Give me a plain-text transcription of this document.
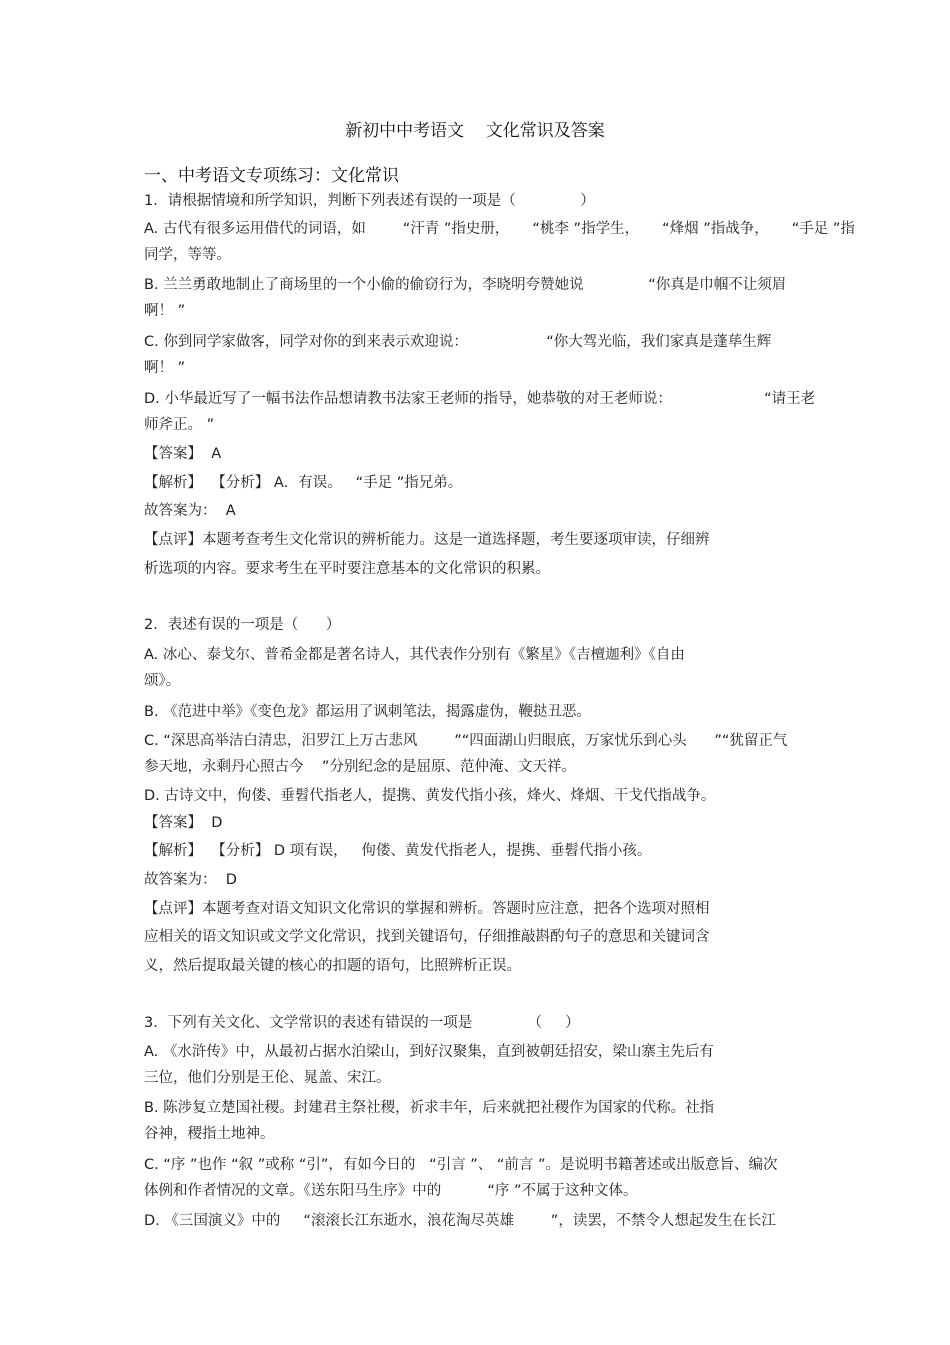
新初中中考语文    文化常识及答案
一、中考语文专项练习：文化常识
1．请根据情境和所学知识，判断下列表述有误的一项是（              ）
A. 古代有很多运用借代的词语，如        “汗青 ”指史册，     “桃李 ”指学生，     “烽烟 ”指战争，     “手足 ”指
同学，等等。
B. 兰兰勇敢地制止了商场里的一个小偷的偷窃行为，李晓明夸赞她说              “你真是巾帼不让须眉
啊！ ”
C. 你到同学家做客，同学对你的到来表示欢迎说：                 “你大驾光临，我们家真是蓬荜生辉
啊！ ”
D. 小华最近写了一幅书法作品想请教书法家王老师的指导，她恭敬的对王老师说：                    “请王老
师斧正。 ”
【答案】  A
【解析】  【分析】 A．有误。   “手足 ”指兄弟。
故答案为：  A
【点评】本题考查考生文化常识的辨析能力。这是一道选择题，考生要逐项审读，仔细辨
析选项的内容。要求考生在平时要注意基本的文化常识的积累。
2．表述有误的一项是（      ）
A. 冰心、泰戈尔、普希金都是著名诗人，其代表作分别有《繁星》《吉檀迦利》《自由
颂》。
B. 《范进中举》《变色龙》都运用了讽刺笔法，揭露虚伪，鞭挞丑恶。
C. “深思高举洁白清忠，汨罗江上万古悲风        ”“四面湖山归眼底，万家忧乐到心头      ”“犹留正气
参天地，永剩丹心照古今    ”分别纪念的是屈原、范仲淹、文天祥。
D. 古诗文中，佝偻、垂髫代指老人，提携、黄发代指小孩，烽火、烽烟、干戈代指战争。
【答案】  D
【解析】  【分析】 D 项有误，   佝偻、黄发代指老人，提携、垂髫代指小孩。
故答案为：  D
【点评】本题考查对语文知识文化常识的掌握和辨析。答题时应注意，把各个选项对照相
应相关的语文知识或文学文化常识，找到关键语句，仔细推敲斟酌句子的意思和关键词含
义，然后提取最关键的核心的扣题的语句，比照辨析正误。
3．下列有关文化、文学常识的表述有错误的一项是            （     ）
A. 《水浒传》中，从最初占据水泊梁山，到好汉聚集，直到被朝廷招安，梁山寨主先后有
三位，他们分别是王伦、晁盖、宋江。
B. 陈涉复立楚国社稷。封建君主祭社稷，祈求丰年，后来就把社稷作为国家的代称。社指
谷神，稷指土地神。
C. “序 ”也作 “叙 ”或称 “引”，有如今日的   “引言 ”、 “前言 ”。是说明书籍著述或出版意旨、编次
体例和作者情况的文章。《送东阳马生序》中的          “序 ”不属于这种文体。
D. 《三国演义》中的     “滚滚长江东逝水，浪花淘尽英雄        ”，读罢，不禁令人想起发生在长江
